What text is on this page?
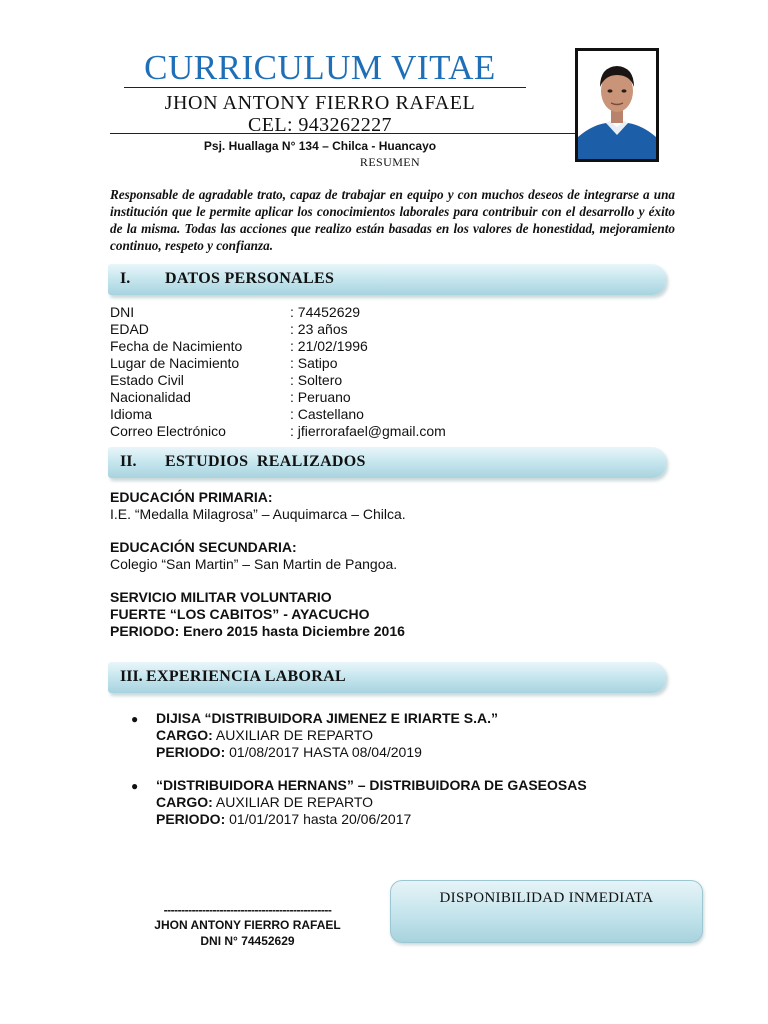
CURRICULUM VITAE
JHON ANTONY FIERRO RAFAEL
CEL: 943262227
Psj. Huallaga N° 134 – Chilca - Huancayo
RESUMEN
Responsable de agradable trato, capaz de trabajar en equipo y con muchos deseos de integrarse a una institución que le permite aplicar los conocimientos laborales para contribuir con el desarrollo y éxito de la misma. Todas las acciones que realizo están basadas en los valores de honestidad, mejoramiento continuo, respeto y confianza.
I. DATOS PERSONALES
DNI	: 74452629
EDAD	: 23 años
Fecha de Nacimiento	: 21/02/1996
Lugar de Nacimiento	: Satipo
Estado Civil	: Soltero
Nacionalidad	: Peruano
Idioma	: Castellano
Correo Electrónico	: jfierrorafael@gmail.com
II. ESTUDIOS  REALIZADOS
EDUCACIÓN PRIMARIA:
I.E. “Medalla Milagrosa” – Auquimarca – Chilca.
EDUCACIÓN SECUNDARIA:
Colegio “San Martin” – San Martin de Pangoa.
SERVICIO MILITAR VOLUNTARIO
FUERTE “LOS CABITOS” - AYACUCHO
PERIODO: Enero 2015 hasta Diciembre 2016
III. EXPERIENCIA LABORAL
● DIJISA “DISTRIBUIDORA JIMENEZ E IRIARTE S.A.”
CARGO: AUXILIAR DE REPARTO
PERIODO: 01/08/2017 HASTA 08/04/2019
● “DISTRIBUIDORA HERNANS” – DISTRIBUIDORA DE GASEOSAS
CARGO: AUXILIAR DE REPARTO
PERIODO: 01/01/2017 hasta 20/06/2017
DISPONIBILIDAD INMEDIATA
------------------------------------------------
JHON ANTONY FIERRO RAFAEL
DNI N° 74452629
